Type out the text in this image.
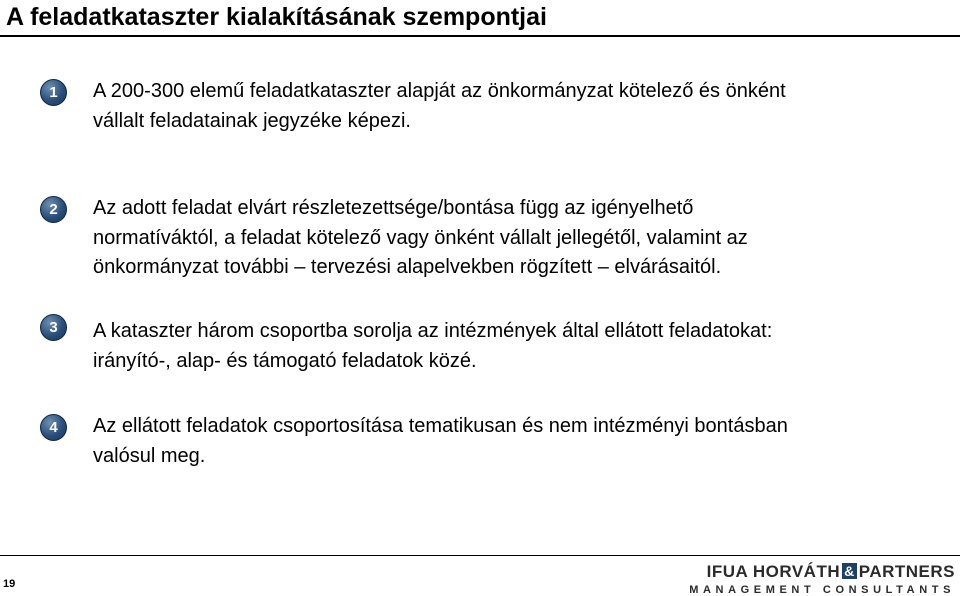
A feladatkataszter kialakításának szempontjai
1	A 200-300 elemű feladatkataszter alapját az önkormányzat kötelező és önként
vállalt feladatainak jegyzéke képezi.
2	Az adott feladat elvárt részletezettsége/bontása függ az igényelhető
normatíváktól, a feladat kötelező vagy önként vállalt jellegétől, valamint az
önkormányzat további – tervezési alapelvekben rögzített – elvárásaitól.
3	A kataszter három csoportba sorolja az intézmények által ellátott feladatokat:
irányító-, alap- és támogató feladatok közé.
4	Az ellátott feladatok csoportosítása tematikusan és nem intézményi bontásban
valósul meg.
19
IFUA HORVÁTH & PARTNERS
MANAGEMENT CONSULTANTS
